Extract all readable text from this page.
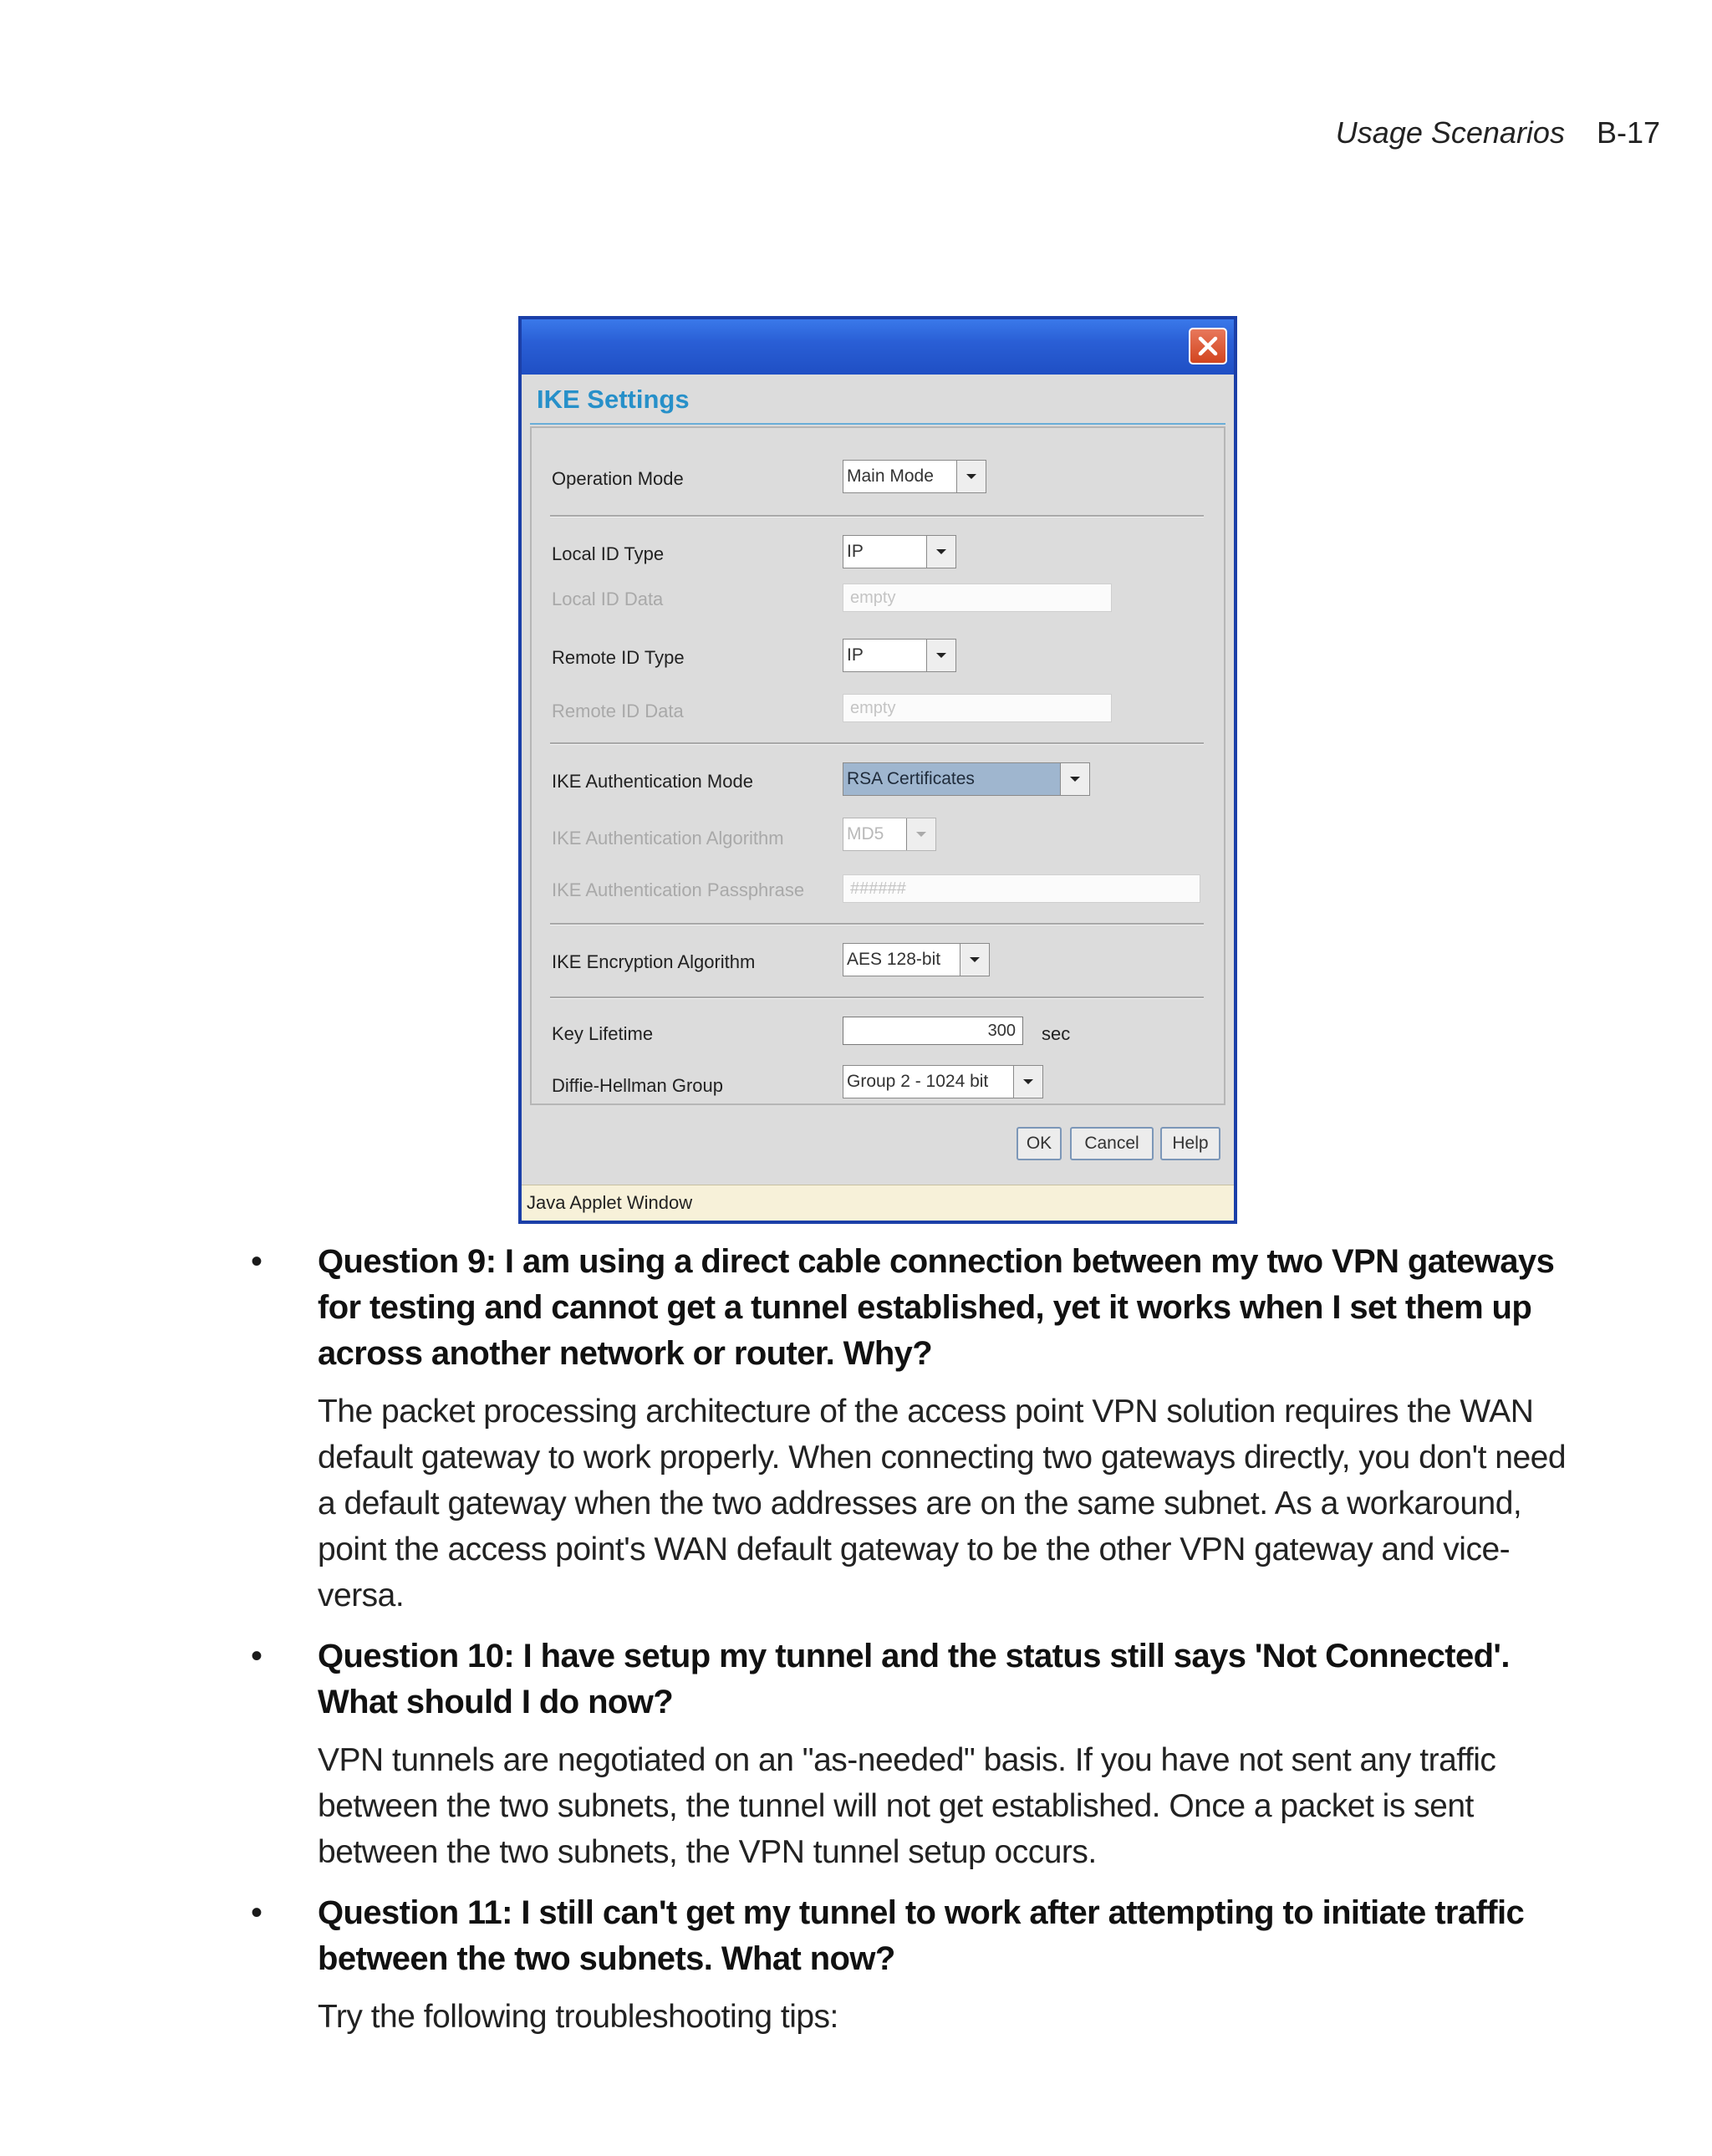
Usage Scenarios B-17
IKE Settings
Operation Mode	Main Mode
Local ID Type	IP
Local ID Data	empty
Remote ID Type	IP
Remote ID Data	empty
IKE Authentication Mode	RSA Certificates
IKE Authentication Algorithm	MD5
IKE Authentication Passphrase	######
IKE Encryption Algorithm	AES 128-bit
Key Lifetime	300	sec
Diffie-Hellman Group	Group 2 - 1024 bit
OK	Cancel	Help
Java Applet Window
• Question 9: I am using a direct cable connection between my two VPN gateways for testing and cannot get a tunnel established, yet it works when I set them up across another network or router. Why?
The packet processing architecture of the access point VPN solution requires the WAN default gateway to work properly. When connecting two gateways directly, you don't need a default gateway when the two addresses are on the same subnet. As a workaround, point the access point's WAN default gateway to be the other VPN gateway and vice-versa.
• Question 10: I have setup my tunnel and the status still says 'Not Connected'. What should I do now?
VPN tunnels are negotiated on an "as-needed" basis. If you have not sent any traffic between the two subnets, the tunnel will not get established. Once a packet is sent between the two subnets, the VPN tunnel setup occurs.
• Question 11: I still can't get my tunnel to work after attempting to initiate traffic between the two subnets. What now?
Try the following troubleshooting tips:
